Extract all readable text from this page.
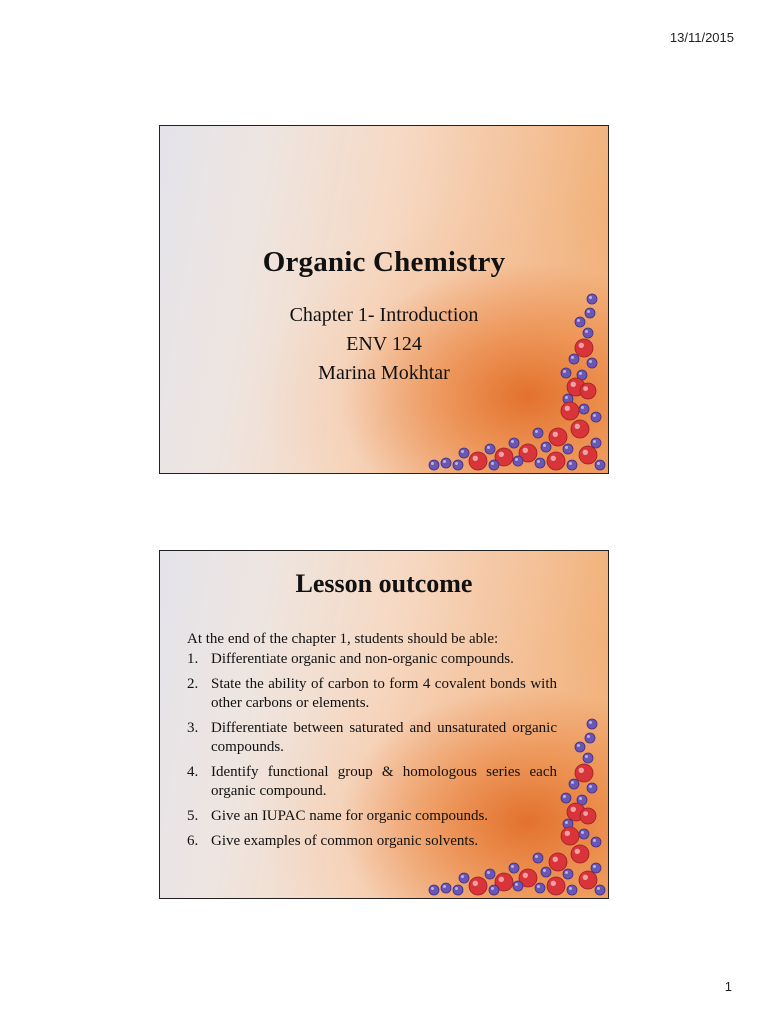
13/11/2015
Organic Chemistry
Chapter 1- Introduction
ENV 124
Marina Mokhtar
Lesson outcome
At the end of the chapter 1, students should be able:
1. Differentiate organic and non-organic compounds.
2. State the ability of carbon to form 4 covalent bonds with other carbons or elements.
3. Differentiate between saturated and unsaturated organic compounds.
4. Identify functional group & homologous series each organic compound.
5. Give an IUPAC name for organic compounds.
6. Give examples of common organic solvents.
1
